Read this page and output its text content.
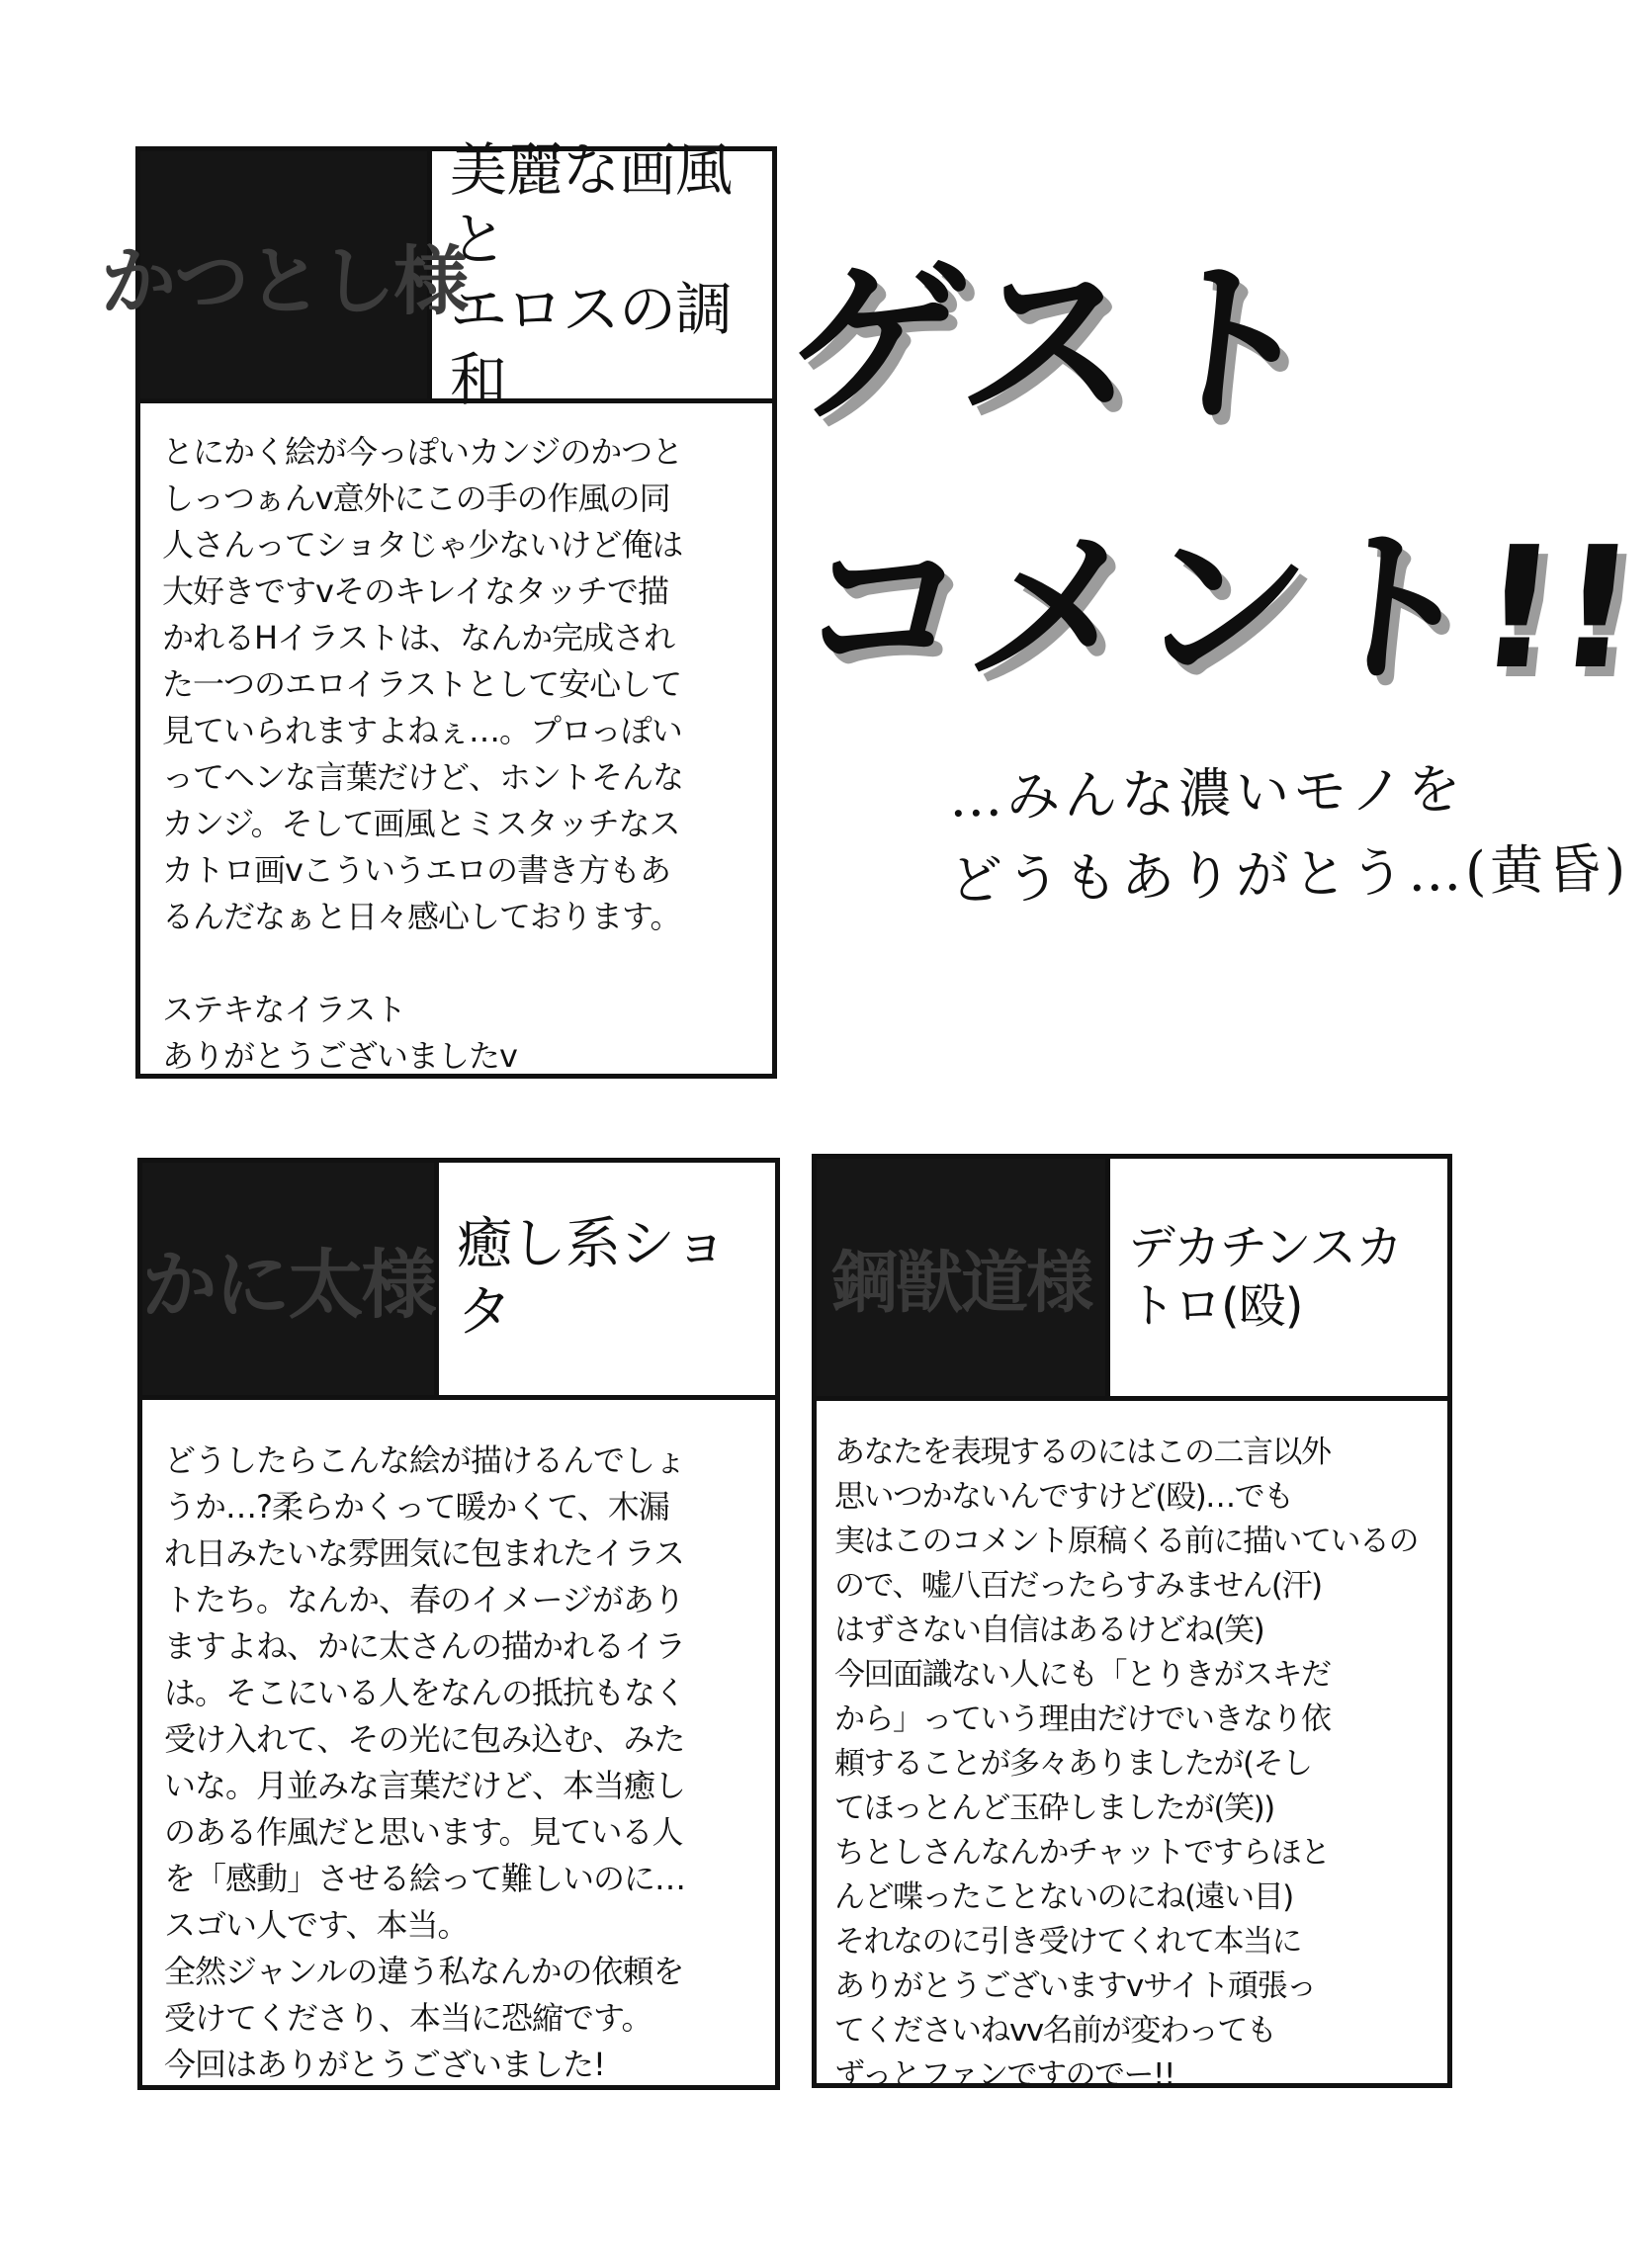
ゲスト
コメント!!
…みんな濃いモノを
どうもありがとう…(黄昏)
かつとし様
美麗な画風と
エロスの調和

とにかく絵が今っぽいカンジのかつと
しっつぁんv意外にこの手の作風の同
人さんってショタじゃ少ないけど俺は
大好きですvそのキレイなタッチで描
かれるHイラストは、なんか完成され
た一つのエロイラストとして安心して
見ていられますよねぇ…。プロっぽい
ってヘンな言葉だけど、ホントそんな
カンジ。そして画風とミスタッチなス
カトロ画vこういうエロの書き方もあ
るんだなぁと日々感心しております。

ステキなイラスト
ありがとうございましたv

かに太様 癒し系ショタ

どうしたらこんな絵が描けるんでしょ
うか…?柔らかくって暖かくて、木漏
れ日みたいな雰囲気に包まれたイラス
トたち。なんか、春のイメージがあり
ますよね、かに太さんの描かれるイラ
は。そこにいる人をなんの抵抗もなく
受け入れて、その光に包み込む、みた
いな。月並みな言葉だけど、本当癒し
のある作風だと思います。見ている人
を「感動」させる絵って難しいのに…
スゴい人です、本当。
全然ジャンルの違う私なんかの依頼を
受けてくださり、本当に恐縮です。
今回はありがとうございました!

鋼獣道様 デカチンスカトロ(殴)

あなたを表現するのにはこの二言以外
思いつかないんですけど(殴)…でも
実はこのコメント原稿くる前に描いているの
ので、嘘八百だったらすみません(汗)
はずさない自信はあるけどね(笑)
今回面識ない人にも「とりきがスキだ
から」っていう理由だけでいきなり依
頼することが多々ありましたが(そし
てほっとんど玉砕しましたが(笑))
ちとしさんなんかチャットですらほと
んど喋ったことないのにね(遠い目)
それなのに引き受けてくれて本当に
ありがとうございますvサイト頑張っ
てくださいねvv名前が変わっても
ずっとファンですのでー!!
